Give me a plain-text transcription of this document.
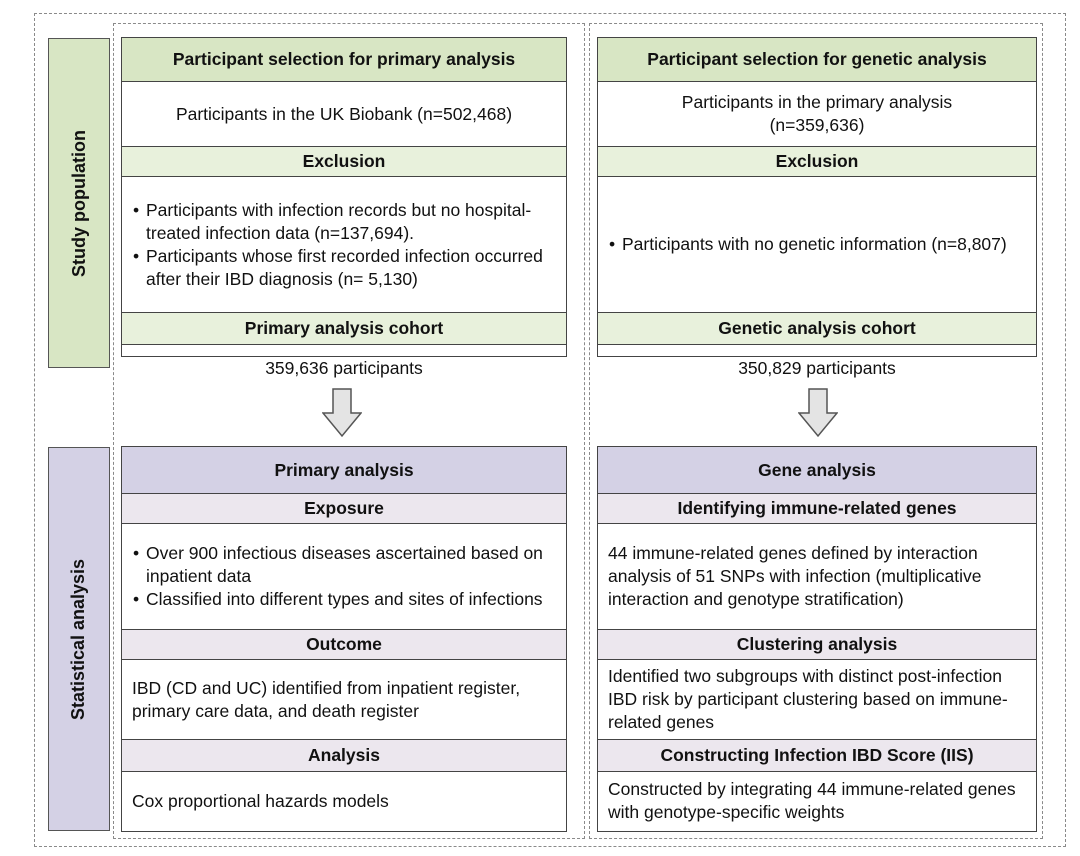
Study population
Statistical analysis
Participant selection for primary analysis
Participants in the UK Biobank (n=502,468)
Exclusion
• Participants with infection records but no hospital-treated infection data (n=137,694).
• Participants whose first recorded infection occurred after their IBD diagnosis (n= 5,130)
Primary analysis cohort
359,636 participants
Participant selection for genetic analysis
Participants in the primary analysis (n=359,636)
Exclusion
• Participants with no genetic information (n=8,807)
Genetic analysis cohort
350,829 participants
Primary analysis
Exposure
• Over 900 infectious diseases ascertained based on inpatient data
• Classified into different types and sites of infections
Outcome
IBD (CD and UC) identified from inpatient register, primary care data, and death register
Analysis
Cox proportional hazards models
Gene analysis
Identifying immune-related genes
44 immune-related genes defined by interaction analysis of 51 SNPs with infection (multiplicative interaction and genotype stratification)
Clustering analysis
Identified two subgroups with distinct post-infection IBD risk by participant clustering based on immune-related genes
Constructing Infection IBD Score (IIS)
Constructed by integrating 44 immune-related genes with genotype-specific weights
